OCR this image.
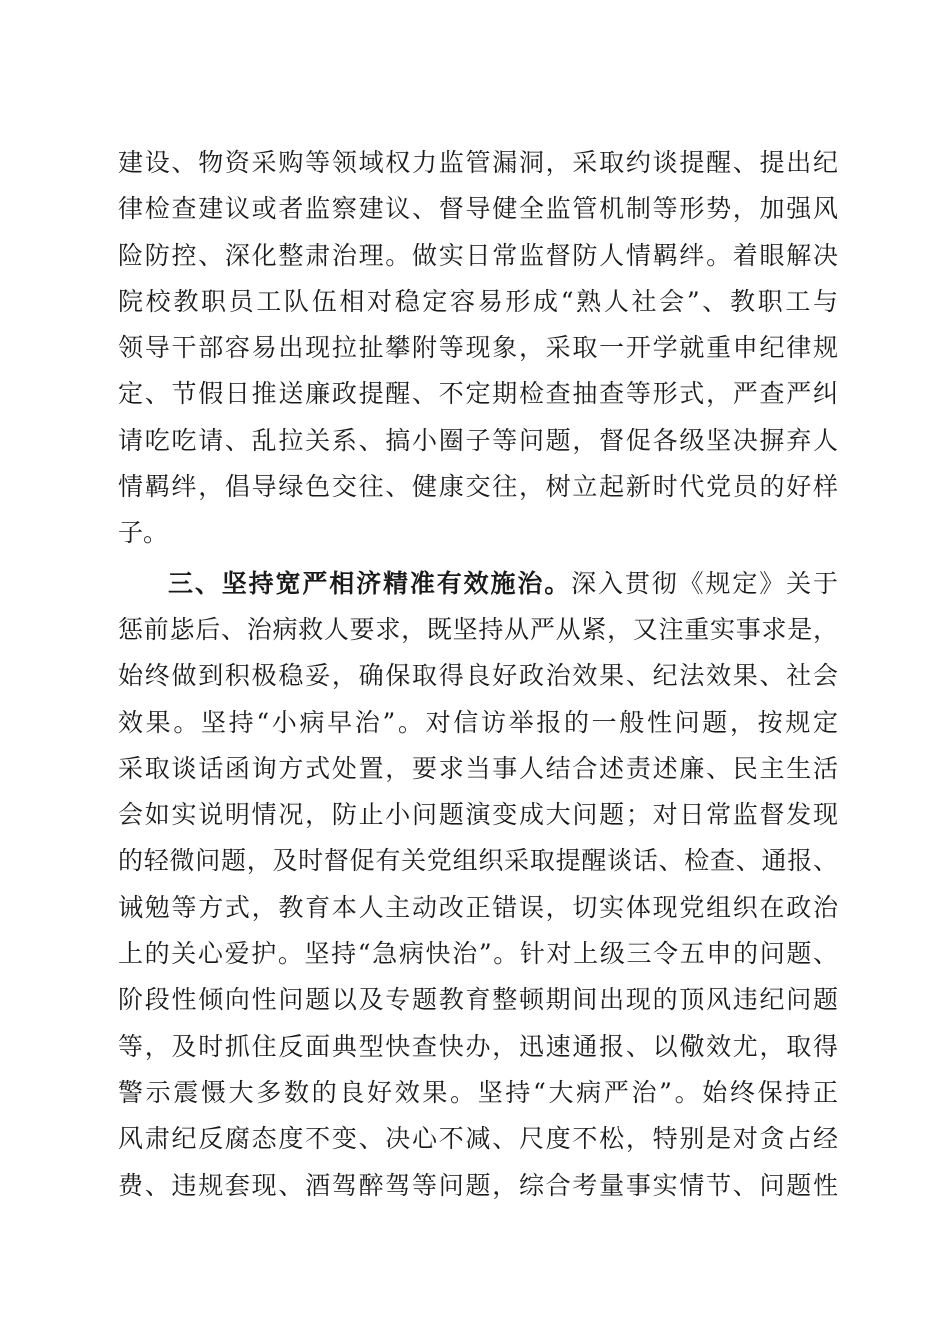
建设、物资采购等领域权力监管漏洞，采取约谈提醒、提出纪
律检查建议或者监察建议、督导健全监管机制等形势，加强风
险防控、深化整肃治理。做实日常监督防人情羁绊。着眼解决
院校教职员工队伍相对稳定容易形成“熟人社会”、教职工与
领导干部容易出现拉扯攀附等现象，采取一开学就重申纪律规
定、节假日推送廉政提醒、不定期检查抽查等形式，严查严纠
请吃吃请、乱拉关系、搞小圈子等问题，督促各级坚决摒弃人
情羁绊，倡导绿色交往、健康交往，树立起新时代党员的好样
子。
三、坚持宽严相济精准有效施治。深入贯彻《规定》关于
惩前毖后、治病救人要求，既坚持从严从紧，又注重实事求是，
始终做到积极稳妥，确保取得良好政治效果、纪法效果、社会
效果。坚持“小病早治”。对信访举报的一般性问题，按规定
采取谈话函询方式处置，要求当事人结合述责述廉、民主生活
会如实说明情况，防止小问题演变成大问题；对日常监督发现
的轻微问题，及时督促有关党组织采取提醒谈话、检查、通报、
诫勉等方式，教育本人主动改正错误，切实体现党组织在政治
上的关心爱护。坚持“急病快治”。针对上级三令五申的问题、
阶段性倾向性问题以及专题教育整顿期间出现的顶风违纪问题
等，及时抓住反面典型快查快办，迅速通报、以儆效尤，取得
警示震慑大多数的良好效果。坚持“大病严治”。始终保持正
风肃纪反腐态度不变、决心不减、尺度不松，特别是对贪占经
费、违规套现、酒驾醉驾等问题，综合考量事实情节、问题性
